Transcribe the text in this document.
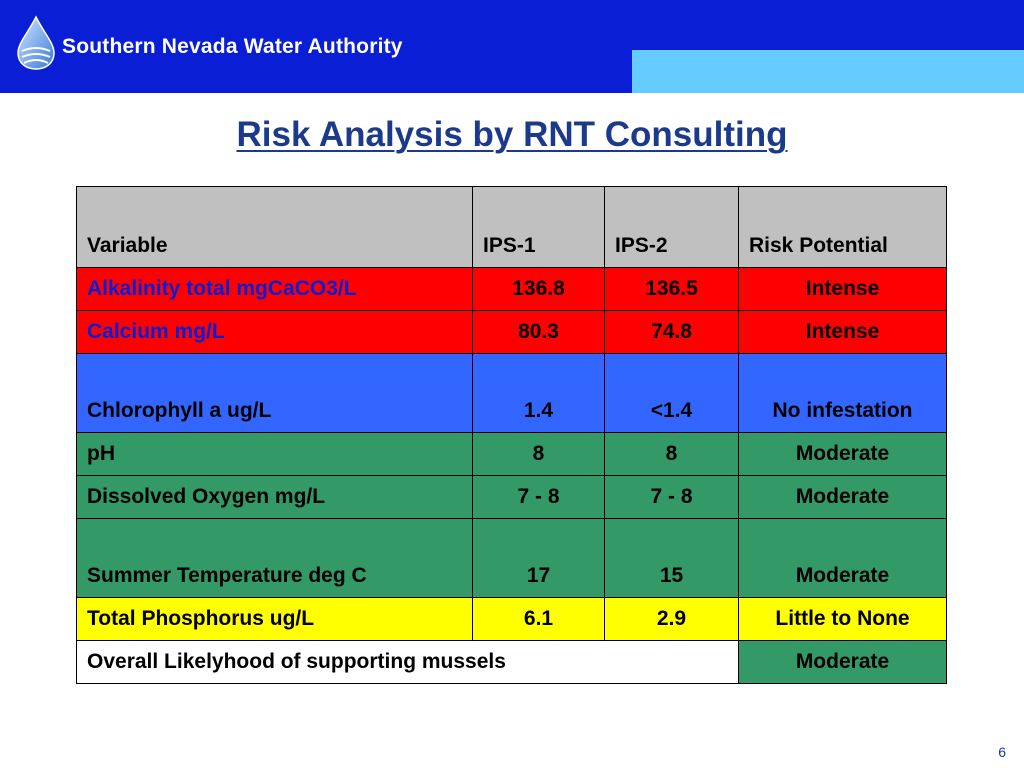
Southern Nevada Water Authority
Risk Analysis by RNT Consulting
Variable	IPS-1	IPS-2	Risk Potential
Alkalinity total mgCaCO3/L	136.8	136.5	Intense
Calcium mg/L	80.3	74.8	Intense
Chlorophyll a ug/L	1.4	<1.4	No infestation
pH	8	8	Moderate
Dissolved Oxygen mg/L	7 - 8	7 - 8	Moderate
Summer Temperature deg C	17	15	Moderate
Total Phosphorus ug/L	6.1	2.9	Little to None
Overall Likelyhood of supporting mussels			Moderate
6
